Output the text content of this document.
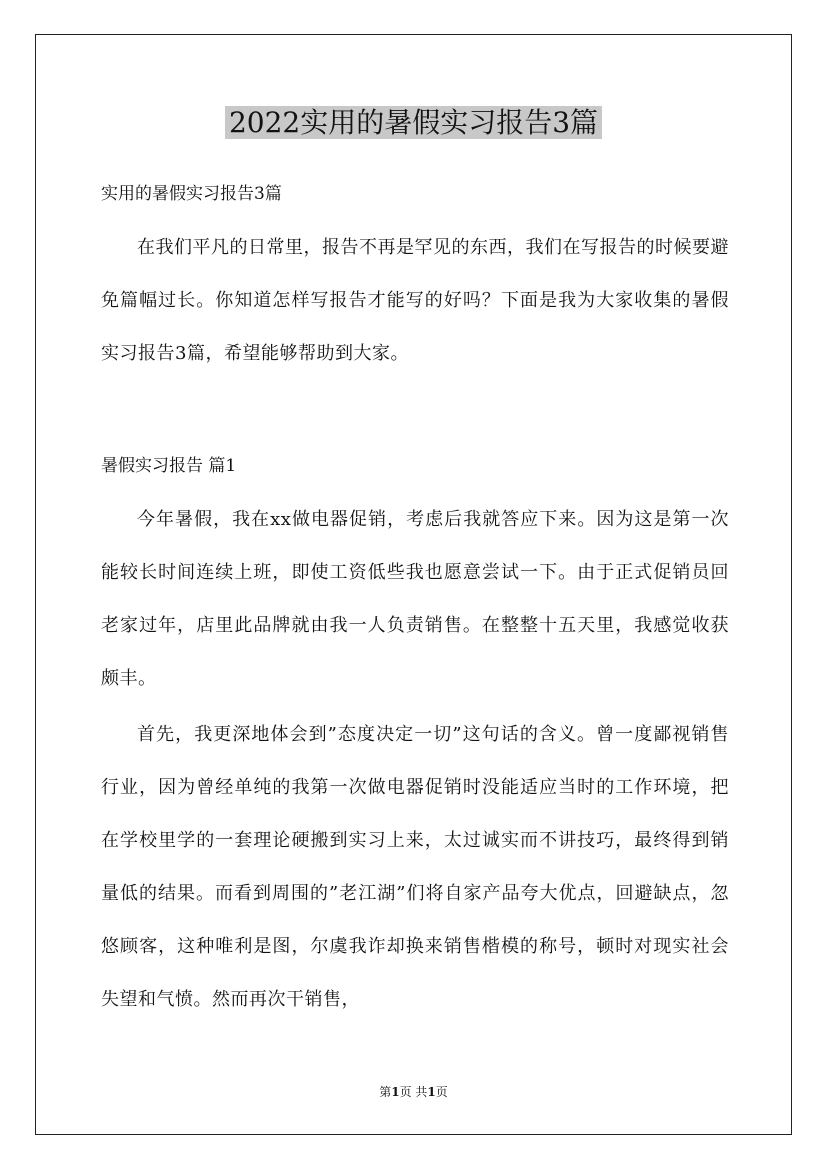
2022实用的暑假实习报告3篇

实用的暑假实习报告3篇

在我们平凡的日常里，报告不再是罕见的东西，我们在写报告的时候要避免篇幅过长。你知道怎样写报告才能写的好吗？下面是我为大家收集的暑假实习报告3篇，希望能够帮助到大家。

暑假实习报告 篇1

今年暑假，我在xx做电器促销，考虑后我就答应下来。因为这是第一次能较长时间连续上班，即使工资低些我也愿意尝试一下。由于正式促销员回老家过年，店里此品牌就由我一人负责销售。在整整十五天里，我感觉收获颇丰。

首先，我更深地体会到”态度决定一切”这句话的含义。曾一度鄙视销售行业，因为曾经单纯的我第一次做电器促销时没能适应当时的工作环境，把在学校里学的一套理论硬搬到实习上来，太过诚实而不讲技巧，最终得到销量低的结果。而看到周围的”老江湖”们将自家产品夸大优点，回避缺点，忽悠顾客，这种唯利是图，尔虞我诈却换来销售楷模的称号，顿时对现实社会失望和气愤。然而再次干销售，

第1页 共1页
